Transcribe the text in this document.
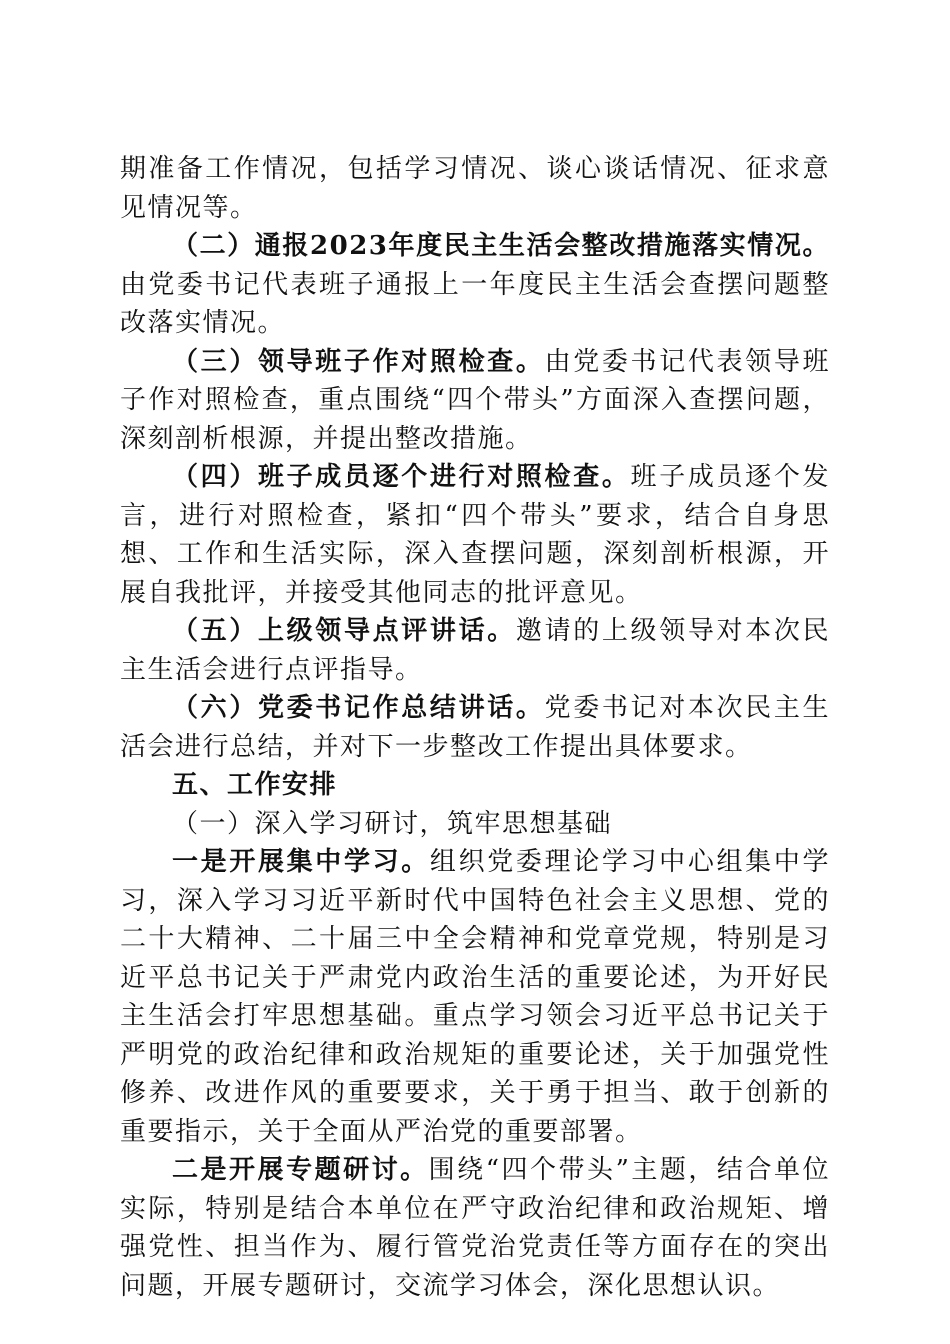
期准备工作情况，包括学习情况、谈心谈话情况、征求意见情况等。

（二）通报2023年度民主生活会整改措施落实情况。由党委书记代表班子通报上一年度民主生活会查摆问题整改落实情况。

（三）领导班子作对照检查。由党委书记代表领导班子作对照检查，重点围绕“四个带头”方面深入查摆问题，深刻剖析根源，并提出整改措施。

（四）班子成员逐个进行对照检查。班子成员逐个发言，进行对照检查，紧扣“四个带头”要求，结合自身思想、工作和生活实际，深入查摆问题，深刻剖析根源，开展自我批评，并接受其他同志的批评意见。

（五）上级领导点评讲话。邀请的上级领导对本次民主生活会进行点评指导。

（六）党委书记作总结讲话。党委书记对本次民主生活会进行总结，并对下一步整改工作提出具体要求。

五、工作安排

（一）深入学习研讨，筑牢思想基础

一是开展集中学习。组织党委理论学习中心组集中学习，深入学习习近平新时代中国特色社会主义思想、党的二十大精神、二十届三中全会精神和党章党规，特别是习近平总书记关于严肃党内政治生活的重要论述，为开好民主生活会打牢思想基础。重点学习领会习近平总书记关于严明党的政治纪律和政治规矩的重要论述，关于加强党性修养、改进作风的重要要求，关于勇于担当、敢于创新的重要指示，关于全面从严治党的重要部署。

二是开展专题研讨。围绕“四个带头”主题，结合单位实际，特别是结合本单位在严守政治纪律和政治规矩、增强党性、担当作为、履行管党治党责任等方面存在的突出问题，开展专题研讨，交流学习体会，深化思想认识。
